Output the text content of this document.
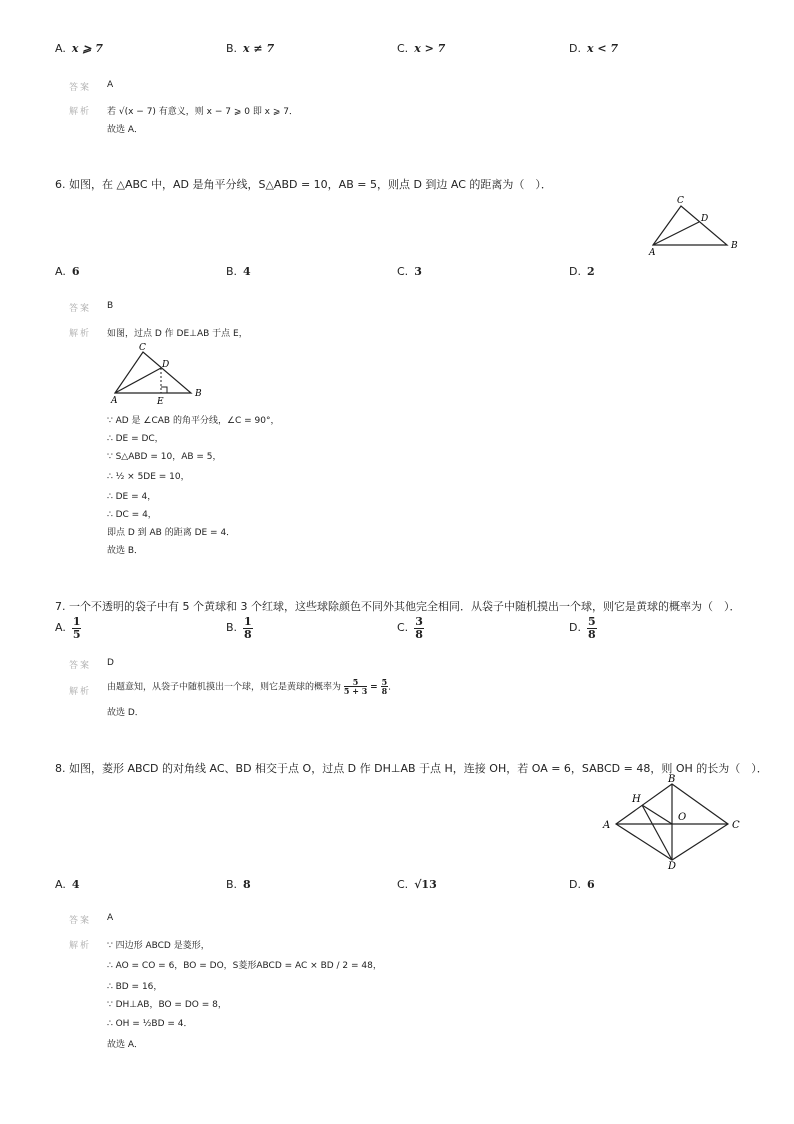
A. x ⩾ 7	B. x ≠ 7	C. x > 7	D. x < 7
答案 A
解析 若 √(x − 7) 有意义，则 x − 7 ⩾ 0 即 x ⩾ 7．
故选 A．
6. 如图，在 △ABC 中，AD 是角平分线，S△ABD = 10，AB = 5，则点 D 到边 AC 的距离为（　）．
C
D
A
B
A. 6	B. 4	C. 3	D. 2
答案 B
解析 如图，过点 D 作 DE⊥AB 于点 E，
C
D
A	E
B
∵ AD 是 ∠CAB 的角平分线，∠C = 90°，
∴ DE = DC，
∵ S△ABD = 10，AB = 5，
∴ ½ × 5DE = 10，
∴ DE = 4，
∴ DC = 4，
即点 D 到 AB 的距离 DE = 4．
故选 B．
7. 一个不透明的袋子中有 5 个黄球和 3 个红球，这些球除颜色不同外其他完全相同．从袋子中随机摸出一个球，则它是黄球的概率为（　）．
A. $\frac{1}{5}$	B. $\frac{1}{8}$	C. $\frac{3}{8}$	D. $\frac{5}{8}$
答案 D
解析 由题意知，从袋子中随机摸出一个球，则它是黄球的概率为 $\frac{5}{5 + 3} = \frac{5}{8}$ ．
故选 D．
8. 如图，菱形 ABCD 的对角线 AC、BD 相交于点 O，过点 D 作 DH⊥AB 于点 H，连接 OH，若 OA = 6，SABCD = 48，则 OH 的长为（　）．
B
H
A
O
C
D
A. 4	B. 8	C. √13	D. 6
答案 A
解析 ∵ 四边形 ABCD 是菱形，
∴ AO = CO = 6，BO = DO，S菱形ABCD = AC × BD / 2 = 48，
∴ BD = 16，
∵ DH⊥AB，BO = DO = 8，
∴ OH = ½BD = 4．
故选 A．
